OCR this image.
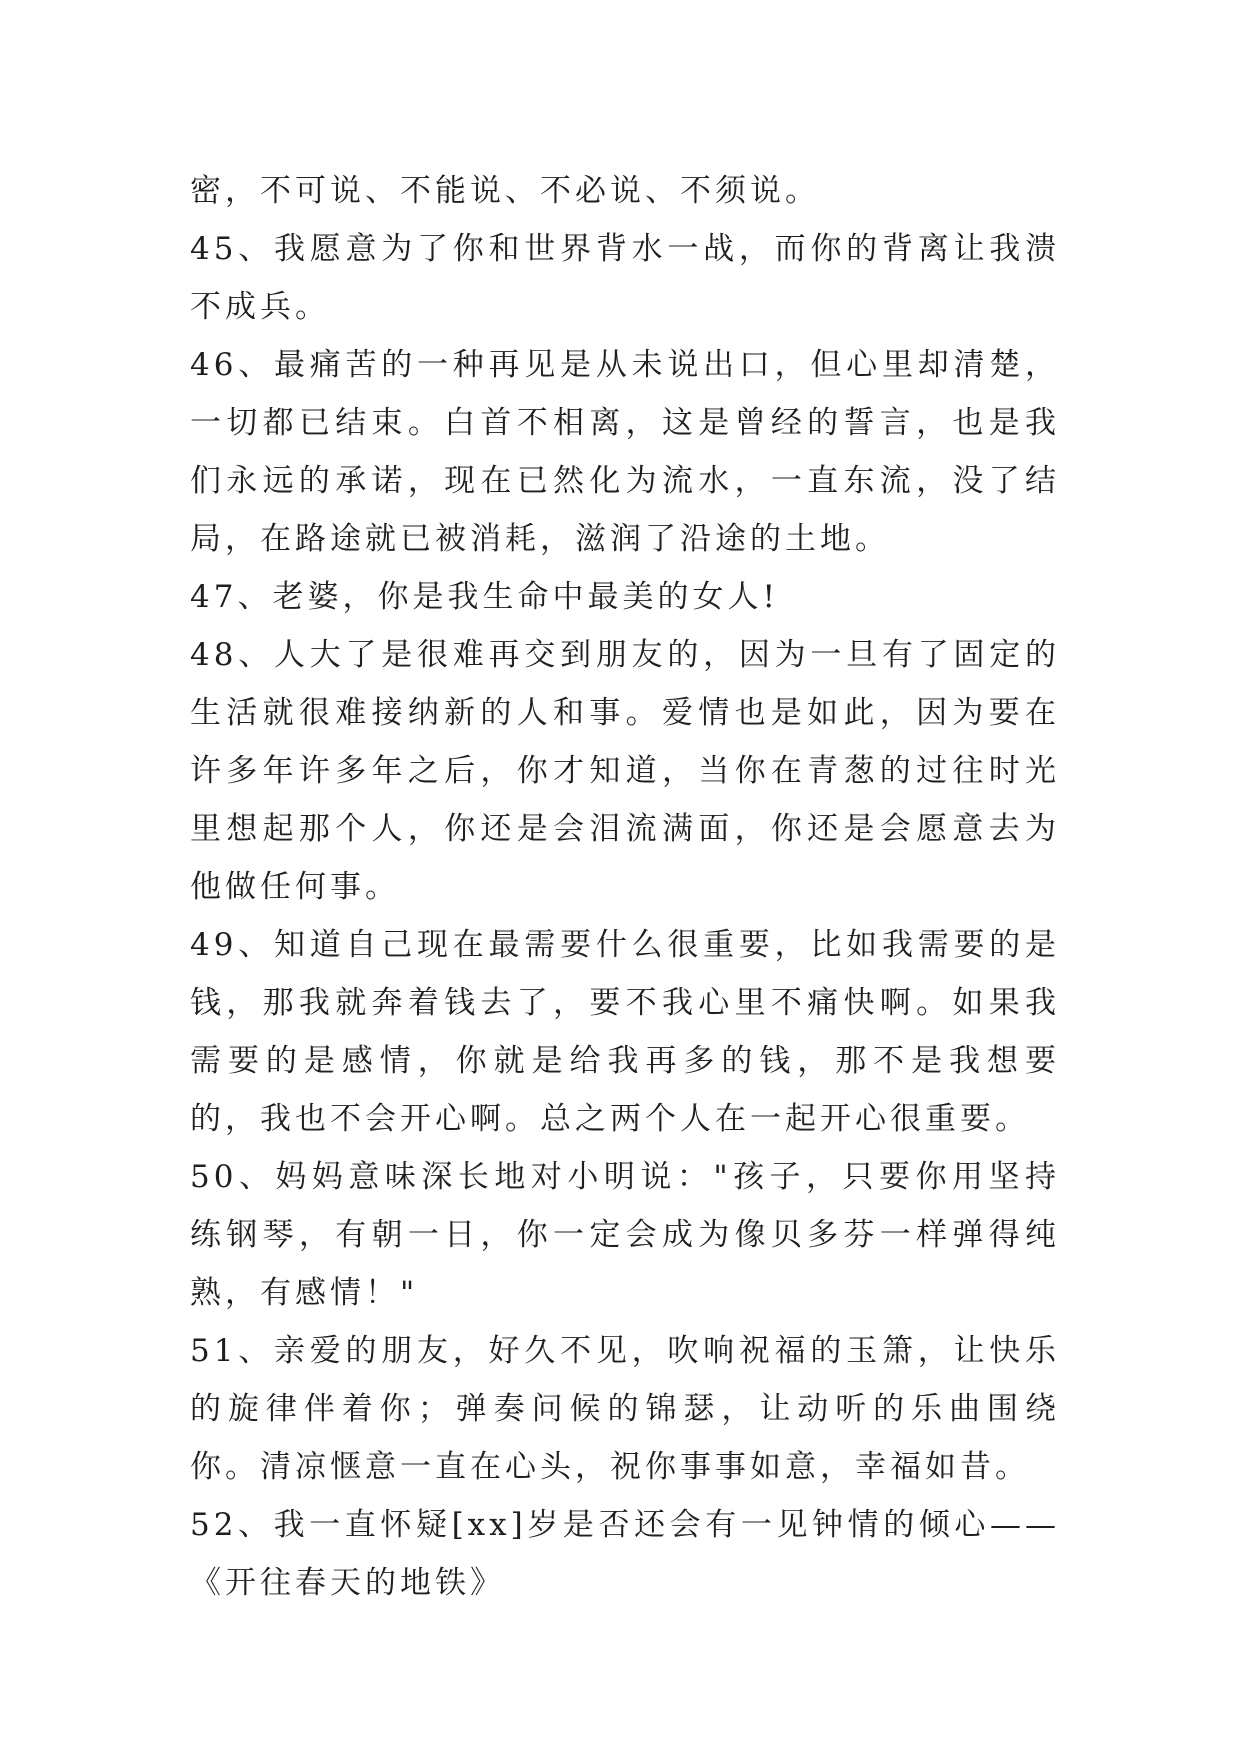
密，不可说、不能说、不必说、不须说。

45、我愿意为了你和世界背水一战，而你的背离让我溃不成兵。

46、最痛苦的一种再见是从未说出口，但心里却清楚，一切都已结束。白首不相离，这是曾经的誓言，也是我们永远的承诺，现在已然化为流水，一直东流，没了结局，在路途就已被消耗，滋润了沿途的土地。

47、老婆，你是我生命中最美的女人!

48、人大了是很难再交到朋友的，因为一旦有了固定的生活就很难接纳新的人和事。爱情也是如此，因为要在许多年许多年之后，你才知道，当你在青葱的过往时光里想起那个人，你还是会泪流满面，你还是会愿意去为他做任何事。

49、知道自己现在最需要什么很重要，比如我需要的是钱，那我就奔着钱去了，要不我心里不痛快啊。如果我需要的是感情，你就是给我再多的钱，那不是我想要的，我也不会开心啊。总之两个人在一起开心很重要。

50、妈妈意味深长地对小明说："孩子，只要你用坚持练钢琴，有朝一日，你一定会成为像贝多芬一样弹得纯熟，有感情！"

51、亲爱的朋友，好久不见，吹响祝福的玉箫，让快乐的旋律伴着你；弹奏问候的锦瑟，让动听的乐曲围绕你。清凉惬意一直在心头，祝你事事如意，幸福如昔。

52、我一直怀疑[xx]岁是否还会有一见钟情的倾心——《开往春天的地铁》
